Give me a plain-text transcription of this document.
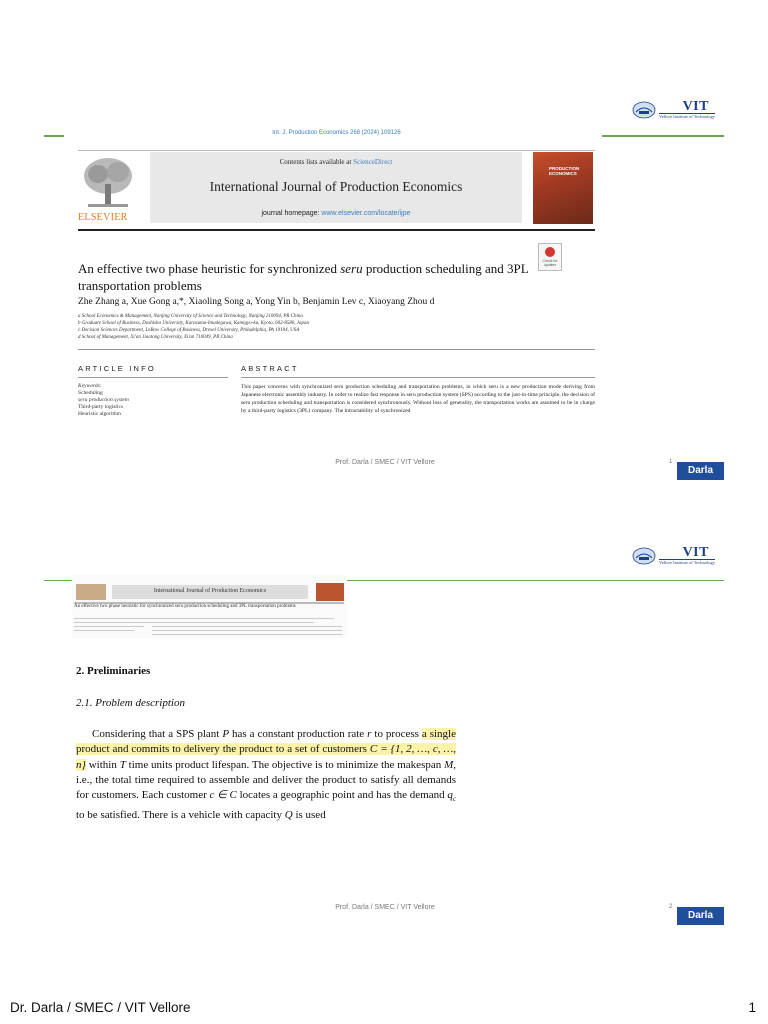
VIT
Vellore Institute of Technology
Int. J. Production Economics 268 (2024) 109126
ELSEVIER
Contents lists available at ScienceDirect
International Journal of Production Economics
journal homepage: www.elsevier.com/locate/ijpe
PRODUCTION ECONOMICS
Check for updates
An effective two phase heuristic for synchronized seru production scheduling and 3PL transportation problems
Zhe Zhang a, Xue Gong a,*, Xiaoling Song a, Yong Yin b, Benjamin Lev c, Xiaoyang Zhou d
a School Economics & Management, Nanjing University of Science and Technology, Nanjing 210094, PR China
b Graduate School of Business, Doshisha University, Karasuma-Imadegawa, Kamigyo-ku, Kyoto, 602-8580, Japan
c Decision Sciences Department, LeBow College of Business, Drexel University, Philadelphia, PA 19104, USA
d School of Management, Xi'an Jiaotong University, Xi'an 710049, PR China
ARTICLE INFO	ABSTRACT
Keywords:
Scheduling
seru production system
Third-party logistics
Heuristic algorithm
This paper concerns with synchronized seru production scheduling and transportation problems, in which seru is a new production mode deriving from Japanese electronic assembly industry. In order to realize fast response in seru production system (SPS) according to the just-in-time principle, the decision of seru production scheduling and transportation is considered synchronously. Without loss of generality, the transportation works are assumed to be in charge by a third-party logistics (3PL) company. The intractability of synchronized
Prof. Darla / SMEC / VIT Vellore	1
Darla
VIT
Vellore Institute of Technology
International Journal of Production Economics
An effective two phase heuristic for synchronized seru production scheduling and 3PL transportation problems
2. Preliminaries
2.1. Problem description
Considering that a SPS plant P has a constant production rate r to process a single product and commits to delivery the product to a set of customers C = {1, 2, …, c, …, n} within T time units product lifespan. The objective is to minimize the makespan M, i.e., the total time required to assemble and deliver the product to satisfy all demands for customers. Each customer c ∈ C locates a geographic point and has the demand $q_c$ to be satisfied. There is a vehicle with capacity Q is used
Prof. Darla / SMEC / VIT Vellore	2
Darla
Dr. Darla / SMEC / VIT Vellore	1
